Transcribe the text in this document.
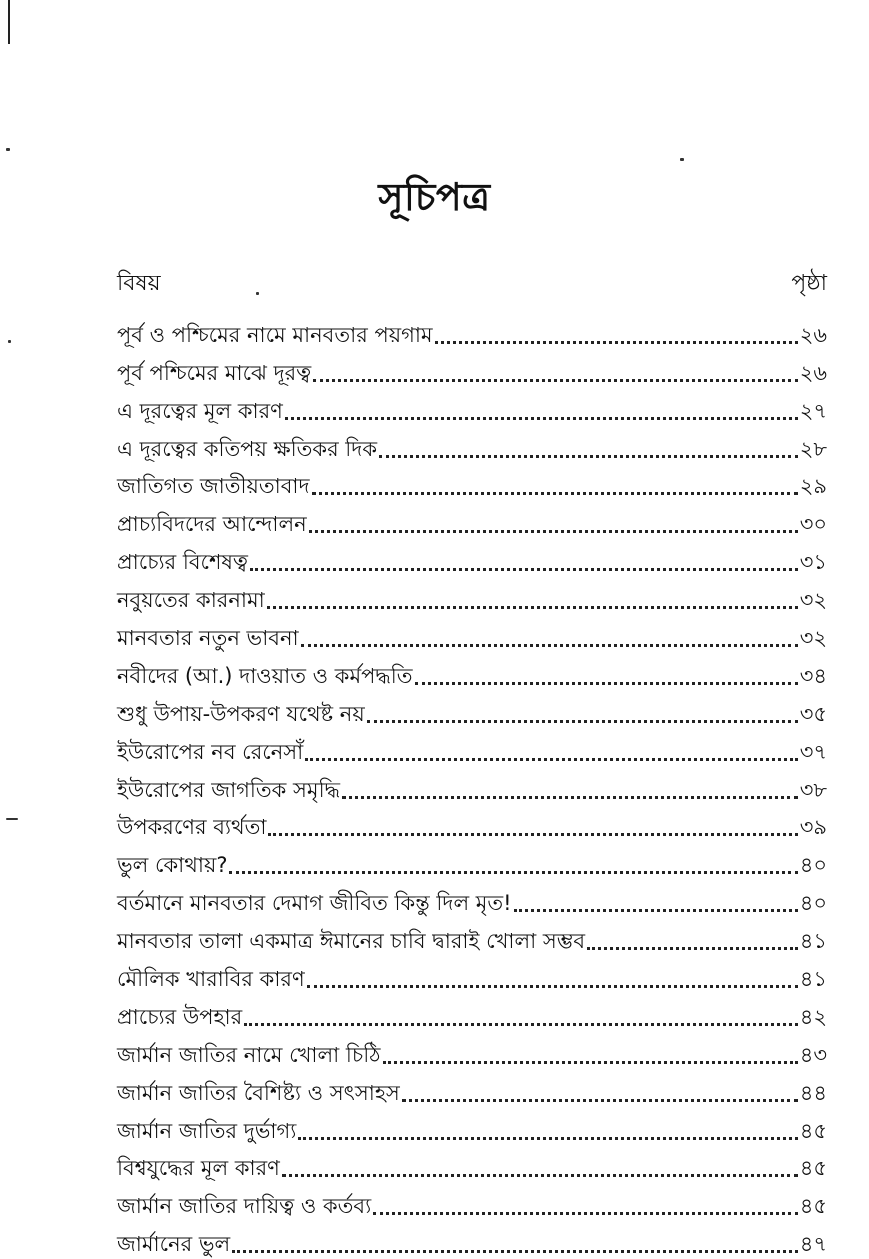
সূচিপত্র
বিষয়	পৃষ্ঠা
পূর্ব ও পশ্চিমের নামে মানবতার পয়গাম	২৬
পূর্ব পশ্চিমের মাঝে দূরত্ব	২৬
এ দূরত্বের মূল কারণ	২৭
এ দূরত্বের কতিপয় ক্ষতিকর দিক	২৮
জাতিগত জাতীয়তাবাদ	২৯
প্রাচ্যবিদদের আন্দোলন	৩০
প্রাচ্যের বিশেষত্ব	৩১
নবুয়তের কারনামা	৩২
মানবতার নতুন ভাবনা	৩২
নবীদের (আ.) দাওয়াত ও কর্মপদ্ধতি	৩৪
শুধু উপায়-উপকরণ যথেষ্ট নয়	৩৫
ইউরোপের নব রেনেসাঁ	৩৭
ইউরোপের জাগতিক সমৃদ্ধি	৩৮
উপকরণের ব্যর্থতা	৩৯
ভুল কোথায়?	৪০
বর্তমানে মানবতার দেমাগ জীবিত কিন্তু দিল মৃত!	৪০
মানবতার তালা একমাত্র ঈমানের চাবি দ্বারাই খোলা সম্ভব	৪১
মৌলিক খারাবির কারণ	৪১
প্রাচ্যের উপহার	৪২
জার্মান জাতির নামে খোলা চিঠি	৪৩
জার্মান জাতির বৈশিষ্ট্য ও সৎসাহস	৪৪
জার্মান জাতির দুর্ভাগ্য	৪৫
বিশ্বযুদ্ধের মূল কারণ	৪৫
জার্মান জাতির দায়িত্ব ও কর্তব্য	৪৫
জার্মানের ভুল	৪৭
